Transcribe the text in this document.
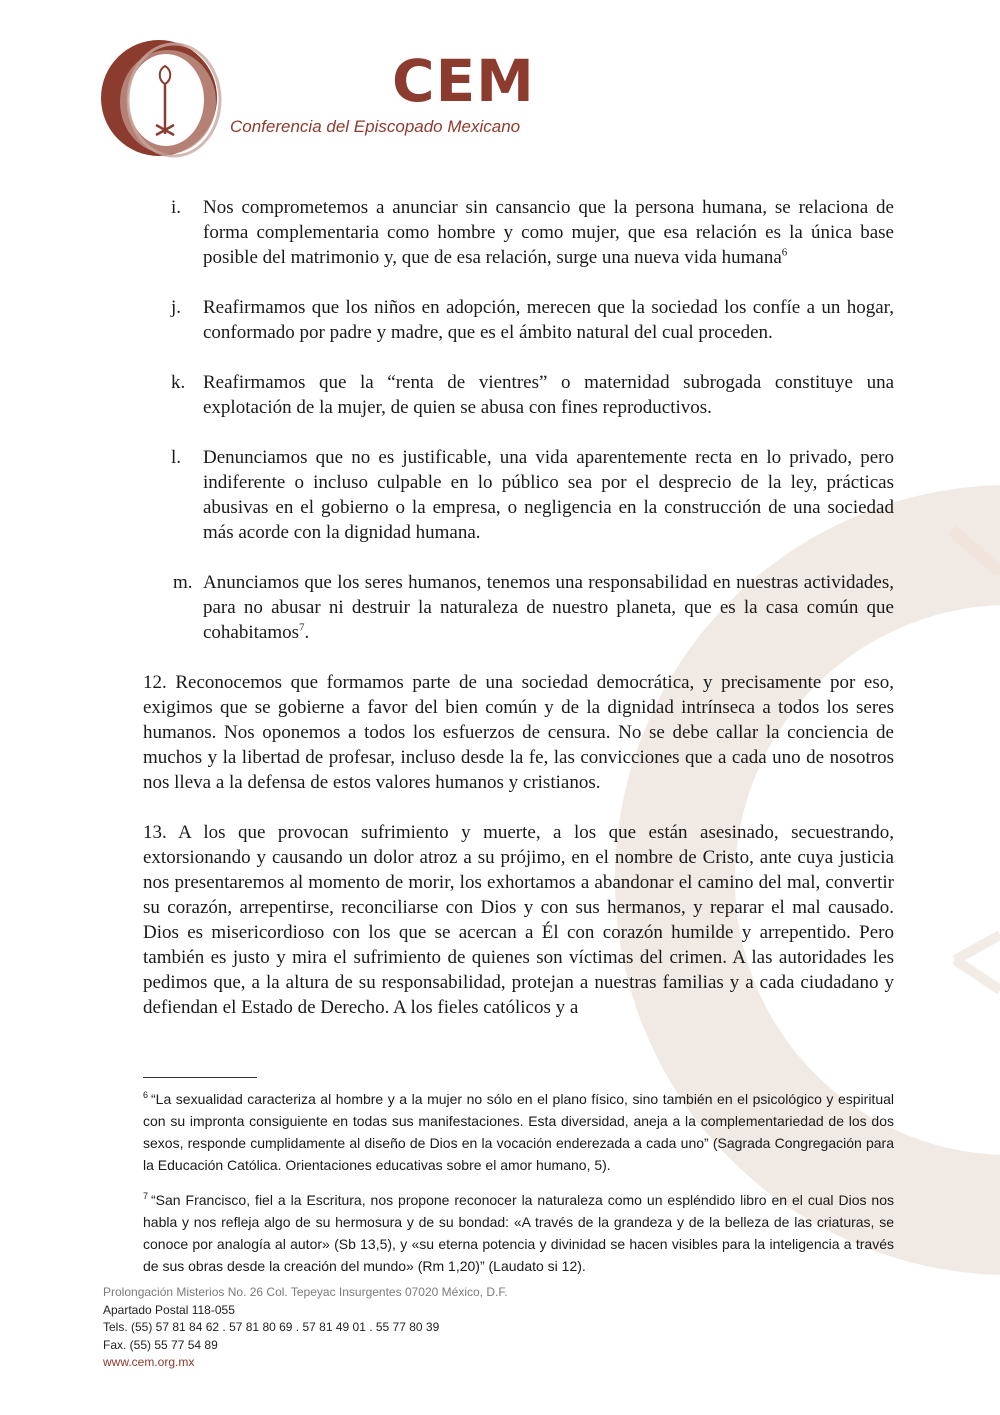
CEM
Conferencia del Episcopado Mexicano
i. Nos comprometemos a anunciar sin cansancio que la persona humana, se relaciona de forma complementaria como hombre y como mujer, que esa relación es la única base posible del matrimonio y, que de esa relación, surge una nueva vida humana$^6$

j. Reafirmamos que los niños en adopción, merecen que la sociedad los confíe a un hogar, conformado por padre y madre, que es el ámbito natural del cual proceden.

k. Reafirmamos que la “renta de vientres” o maternidad subrogada constituye una explotación de la mujer, de quien se abusa con fines reproductivos.

l. Denunciamos que no es justificable, una vida aparentemente recta en lo privado, pero indiferente o incluso culpable en lo público sea por el desprecio de la ley, prácticas abusivas en el gobierno o la empresa, o negligencia en la construcción de una sociedad más acorde con la dignidad humana.

m. Anunciamos que los seres humanos, tenemos una responsabilidad en nuestras actividades, para no abusar ni destruir la naturaleza de nuestro planeta, que es la casa común que cohabitamos$^7$.

12. Reconocemos que formamos parte de una sociedad democrática, y precisamente por eso, exigimos que se gobierne a favor del bien común y de la dignidad intrínseca a todos los seres humanos. Nos oponemos a todos los esfuerzos de censura. No se debe callar la conciencia de muchos y la libertad de profesar, incluso desde la fe, las convicciones que a cada uno de nosotros nos lleva a la defensa de estos valores humanos y cristianos.

13. A los que provocan sufrimiento y muerte, a los que están asesinado, secuestrando, extorsionando y causando un dolor atroz a su prójimo, en el nombre de Cristo, ante cuya justicia nos presentaremos al momento de morir, los exhortamos a abandonar el camino del mal, convertir su corazón, arrepentirse, reconciliarse con Dios y con sus hermanos, y reparar el mal causado. Dios es misericordioso con los que se acercan a Él con corazón humilde y arrepentido. Pero también es justo y mira el sufrimiento de quienes son víctimas del crimen. A las autoridades les pedimos que, a la altura de su responsabilidad, protejan a nuestras familias y a cada ciudadano y defiendan el Estado de Derecho. A los fieles católicos y a

$^6$ “La sexualidad caracteriza al hombre y a la mujer no sólo en el plano físico, sino también en el psicológico y espiritual con su impronta consiguiente en todas sus manifestaciones. Esta diversidad, aneja a la complementariedad de los dos sexos, responde cumplidamente al diseño de Dios en la vocación enderezada a cada uno” (Sagrada Congregación para la Educación Católica. Orientaciones educativas sobre el amor humano, 5).

$^7$ “San Francisco, fiel a la Escritura, nos propone reconocer la naturaleza como un espléndido libro en el cual Dios nos habla y nos refleja algo de su hermosura y de su bondad: «A través de la grandeza y de la belleza de las criaturas, se conoce por analogía al autor» (Sb 13,5), y «su eterna potencia y divinidad se hacen visibles para la inteligencia a través de sus obras desde la creación del mundo» (Rm 1,20)” (Laudato si 12).

Prolongación Misterios No. 26 Col. Tepeyac Insurgentes 07020 México, D.F.
Apartado Postal 118-055
Tels. (55) 57 81 84 62 . 57 81 80 69 . 57 81 49 01 . 55 77 80 39
Fax. (55) 55 77 54 89
www.cem.org.mx
